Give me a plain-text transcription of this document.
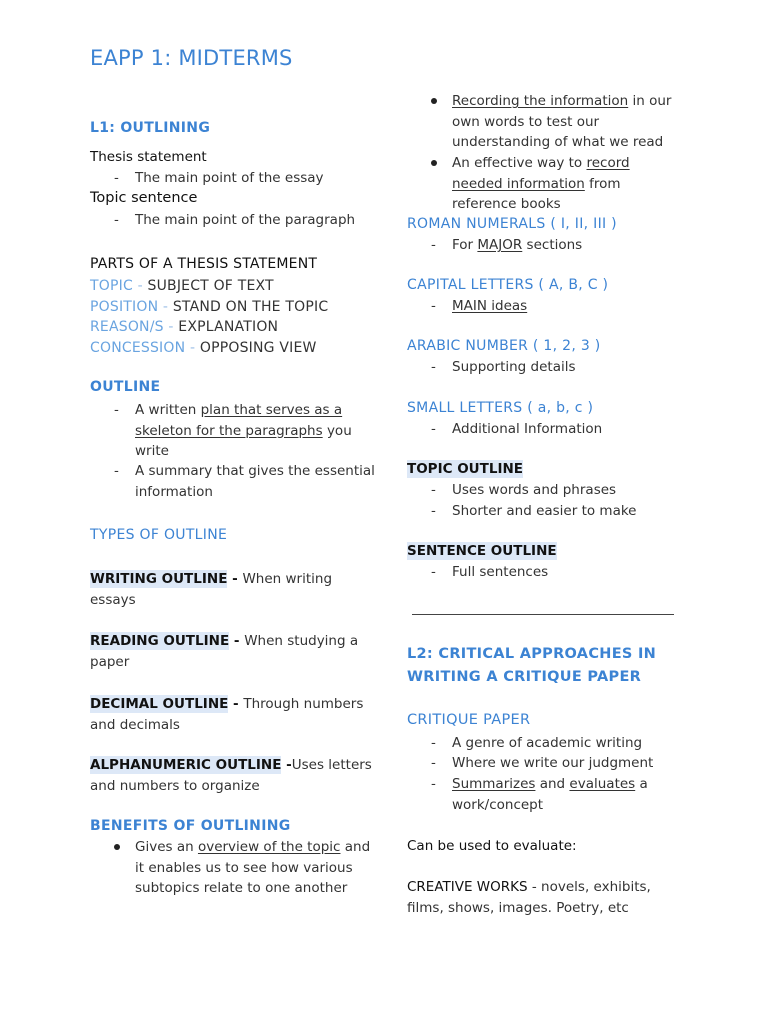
EAPP 1: MIDTERMS
L1: OUTLINING
Thesis statement
-	The main point of the essay
Topic sentence
-	The main point of the paragraph
PARTS OF A THESIS STATEMENT
TOPIC - SUBJECT OF TEXT
POSITION - STAND ON THE TOPIC
REASON/S - EXPLANATION
CONCESSION - OPPOSING VIEW
OUTLINE
-	A written plan that serves as a skeleton for the paragraphs you write
-	A summary that gives the essential information
TYPES OF OUTLINE
WRITING OUTLINE - When writing essays
READING OUTLINE - When studying a paper
DECIMAL OUTLINE - Through numbers and decimals
ALPHANUMERIC OUTLINE -Uses letters and numbers to organize
BENEFITS OF OUTLINING
Gives an overview of the topic and it enables us to see how various subtopics relate to one another
Recording the information in our own words to test our understanding of what we read
An effective way to record needed information from reference books
ROMAN NUMERALS ( I, II, III )
-	For MAJOR sections
CAPITAL LETTERS ( A, B, C )
-	MAIN ideas
ARABIC NUMBER ( 1, 2, 3 )
-	Supporting details
SMALL LETTERS ( a, b, c )
-	Additional Information
TOPIC OUTLINE
-	Uses words and phrases
-	Shorter and easier to make
SENTENCE OUTLINE
-	Full sentences
L2: CRITICAL APPROACHES IN
WRITING A CRITIQUE PAPER
CRITIQUE PAPER
-	A genre of academic writing
-	Where we write our judgment
-	Summarizes and evaluates a work/concept
Can be used to evaluate:
CREATIVE WORKS - novels, exhibits, films, shows, images. Poetry, etc
